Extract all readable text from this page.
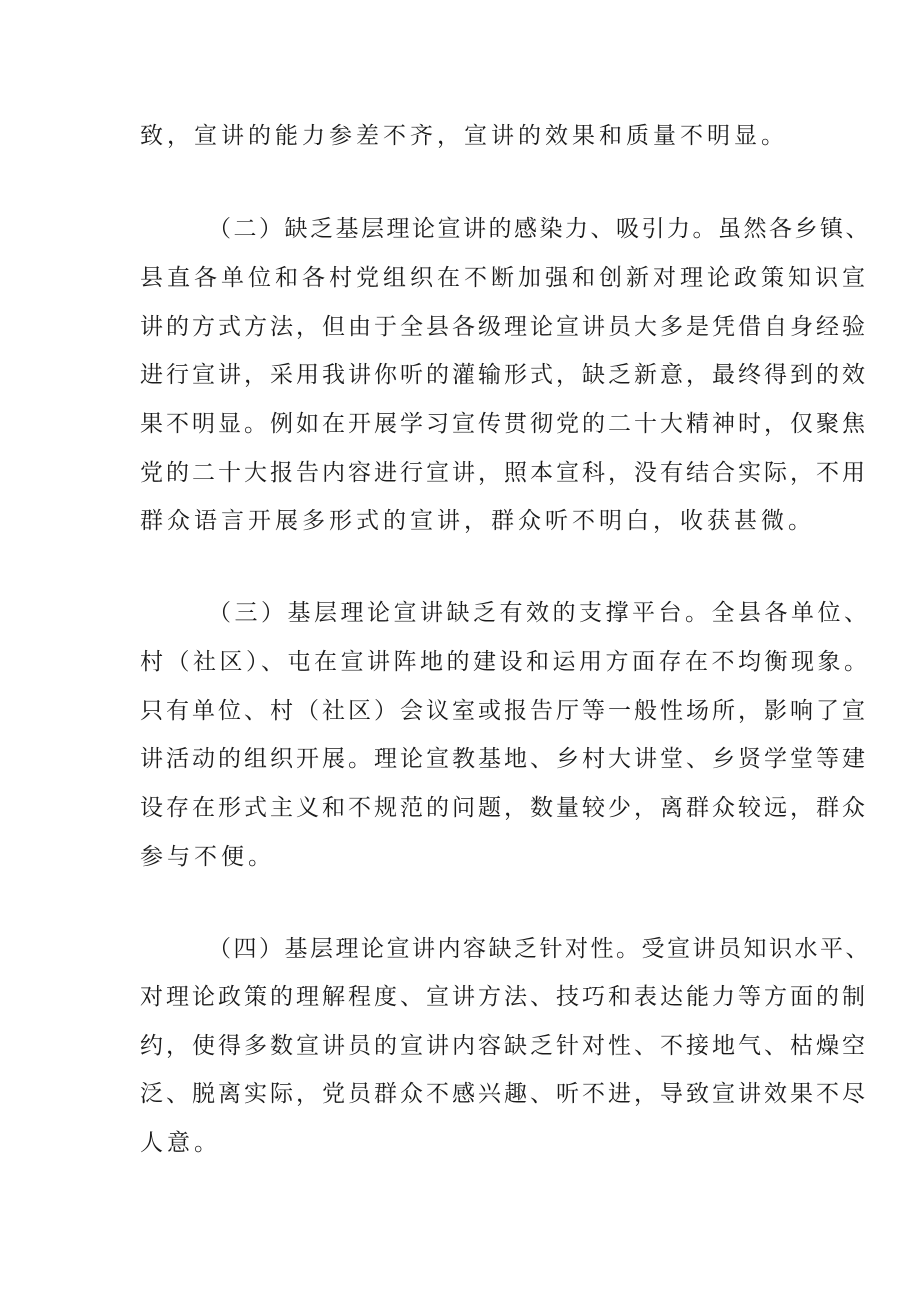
致，宣讲的能力参差不齐，宣讲的效果和质量不明显。

（二）缺乏基层理论宣讲的感染力、吸引力。虽然各乡镇、

县直各单位和各村党组织在不断加强和创新对理论政策知识宣

讲的方式方法，但由于全县各级理论宣讲员大多是凭借自身经验

进行宣讲，采用我讲你听的灌输形式，缺乏新意，最终得到的效

果不明显。例如在开展学习宣传贯彻党的二十大精神时，仅聚焦

党的二十大报告内容进行宣讲，照本宣科，没有结合实际，不用

群众语言开展多形式的宣讲，群众听不明白，收获甚微。

（三）基层理论宣讲缺乏有效的支撑平台。全县各单位、

村（社区）、屯在宣讲阵地的建设和运用方面存在不均衡现象。

只有单位、村（社区）会议室或报告厅等一般性场所，影响了宣

讲活动的组织开展。理论宣教基地、乡村大讲堂、乡贤学堂等建

设存在形式主义和不规范的问题，数量较少，离群众较远，群众

参与不便。

（四）基层理论宣讲内容缺乏针对性。受宣讲员知识水平、

对理论政策的理解程度、宣讲方法、技巧和表达能力等方面的制

约，使得多数宣讲员的宣讲内容缺乏针对性、不接地气、枯燥空

泛、脱离实际，党员群众不感兴趣、听不进，导致宣讲效果不尽

人意。
